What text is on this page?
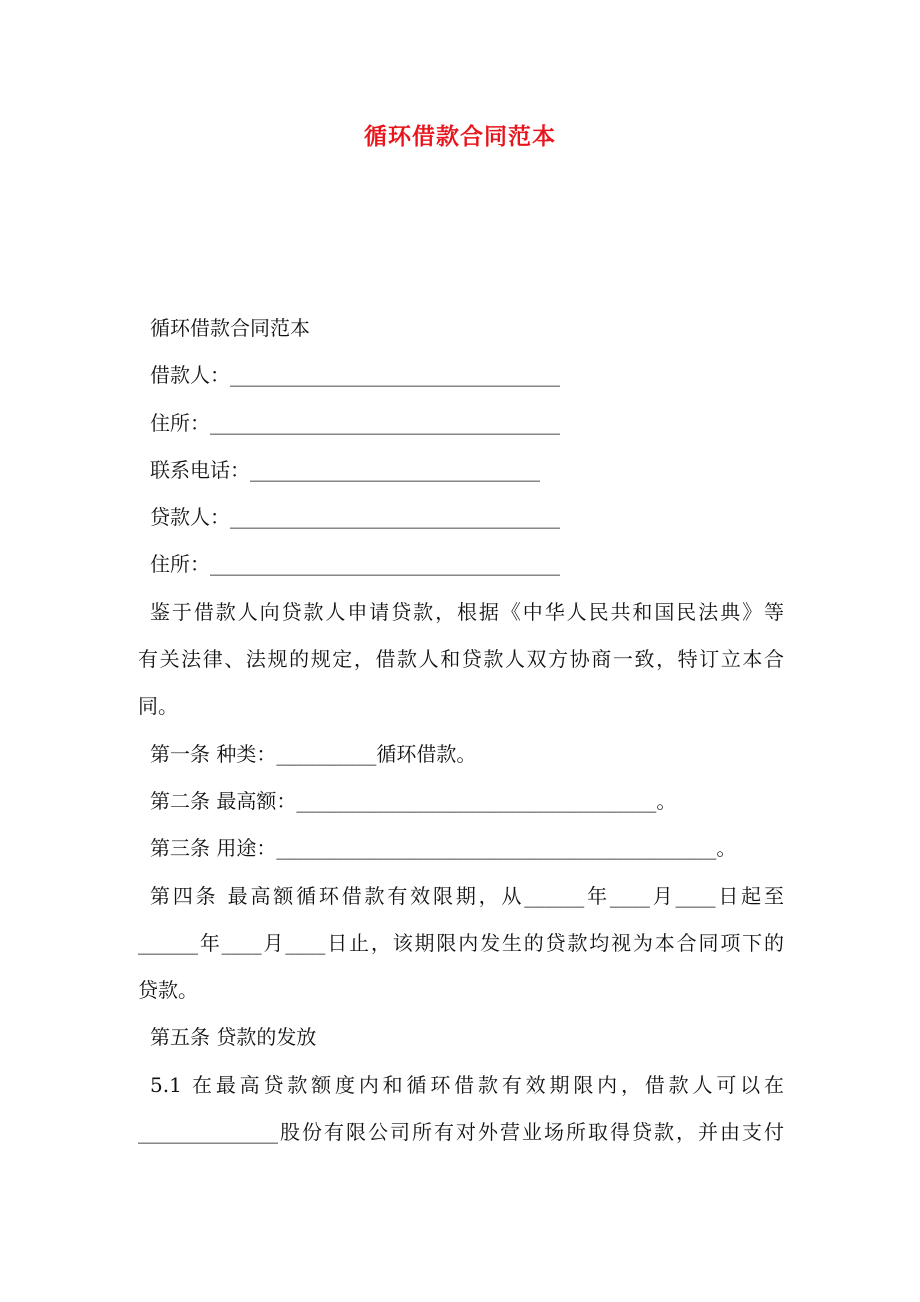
循环借款合同范本
循环借款合同范本
借款人：_________________________________
住所：___________________________________
联系电话：_____________________________
贷款人：_________________________________
住所：___________________________________
鉴于借款人向贷款人申请贷款，根据《中华人民共和国民法典》等
有关法律、法规的规定，借款人和贷款人双方协商一致，特订立本合
同。
第一条 种类：__________循环借款。
第二条 最高额：____________________________________。
第三条 用途：____________________________________________。
第四条 最高额循环借款有效限期，从______年____月____日起至
______年____月____日止，该期限内发生的贷款均视为本合同项下的
贷款。
第五条 贷款的发放
5.1 在最高贷款额度内和循环借款有效期限内，借款人可以在
______________股份有限公司所有对外营业场所取得贷款，并由支付
